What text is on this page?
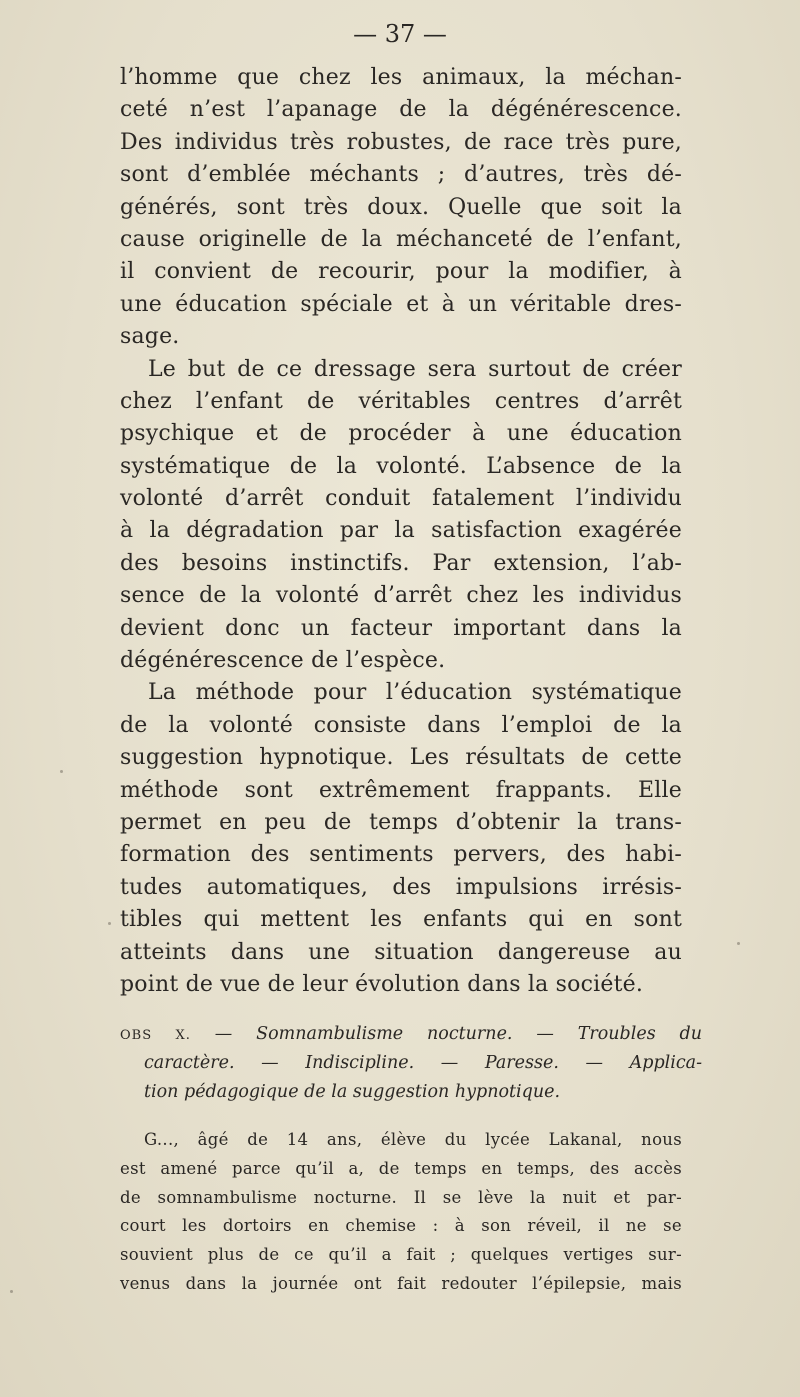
— 37 —
l’homme que chez les animaux, la méchan-
ceté n’est l’apanage de la dégénérescence.
Des individus très robustes, de race très pure,
sont d’emblée méchants ; d’autres, très dé-
générés, sont très doux. Quelle que soit la
cause originelle de la méchanceté de l’enfant,
il convient de recourir, pour la modifier, à
une éducation spéciale et à un véritable dres-
sage.
Le but de ce dressage sera surtout de créer
chez l’enfant de véritables centres d’arrêt
psychique et de procéder à une éducation
systématique de la volonté. L’absence de la
volonté d’arrêt conduit fatalement l’individu
à la dégradation par la satisfaction exagérée
des besoins instinctifs. Par extension, l’ab-
sence de la volonté d’arrêt chez les individus
devient donc un facteur important dans la
dégénérescence de l’espèce.
La méthode pour l’éducation systématique
de la volonté consiste dans l’emploi de la
suggestion hypnotique. Les résultats de cette
méthode sont extrêmement frappants. Elle
permet en peu de temps d’obtenir la trans-
formation des sentiments pervers, des habi-
tudes automatiques, des impulsions irrésis-
tibles qui mettent les enfants qui en sont
atteints dans une situation dangereuse au
point de vue de leur évolution dans la société.
OBS X. — Somnambulisme nocturne. — Troubles du
caractère. — Indiscipline. — Paresse. — Applica-
tion pédagogique de la suggestion hypnotique.
G..., âgé de 14 ans, élève du lycée Lakanal, nous
est amené parce qu’il a, de temps en temps, des accès
de somnambulisme nocturne. Il se lève la nuit et par-
court les dortoirs en chemise : à son réveil, il ne se
souvient plus de ce qu’il a fait ; quelques vertiges sur-
venus dans la journée ont fait redouter l’épilepsie, mais
